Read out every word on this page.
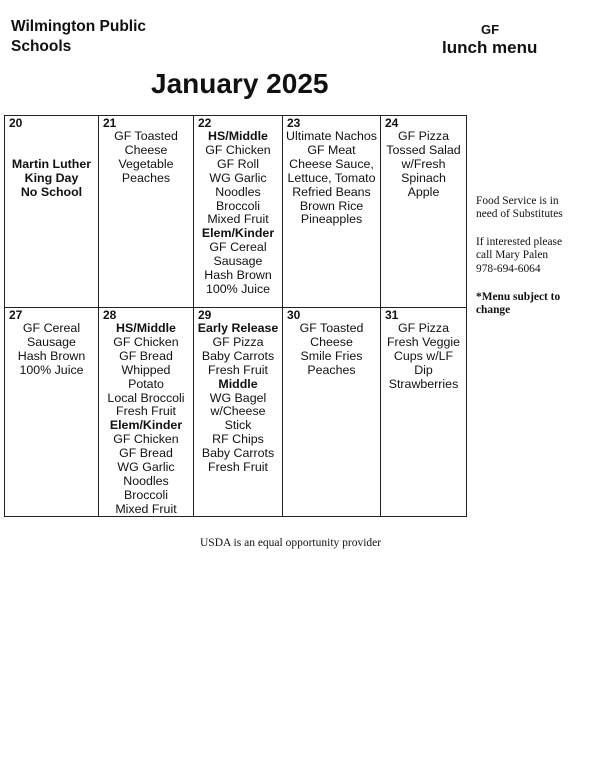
Wilmington Public
Schools
GF
lunch menu
January 2025
20
Martin Luther
King Day
No School
21
GF Toasted
Cheese
Vegetable
Peaches
22
HS/Middle
GF Chicken
GF Roll
WG Garlic
Noodles
Broccoli
Mixed Fruit
Elem/Kinder
GF Cereal
Sausage
Hash Brown
100% Juice
23
Ultimate Nachos
GF Meat
Cheese Sauce,
Lettuce, Tomato
Refried Beans
Brown Rice
Pineapples
24
GF Pizza
Tossed Salad
w/Fresh
Spinach
Apple
27
GF Cereal
Sausage
Hash Brown
100% Juice
28
HS/Middle
GF Chicken
GF Bread
Whipped
Potato
Local Broccoli
Fresh Fruit
Elem/Kinder
GF Chicken
GF Bread
WG Garlic
Noodles
Broccoli
Mixed Fruit
29
Early Release
GF Pizza
Baby Carrots
Fresh Fruit
Middle
WG Bagel
w/Cheese
Stick
RF Chips
Baby Carrots
Fresh Fruit
30
GF Toasted
Cheese
Smile Fries
Peaches
31
GF Pizza
Fresh Veggie
Cups w/LF
Dip
Strawberries
Food Service is in
need of Substitutes
If interested please
call Mary Palen
978-694-6064
*Menu subject to
change
USDA is an equal opportunity provider
